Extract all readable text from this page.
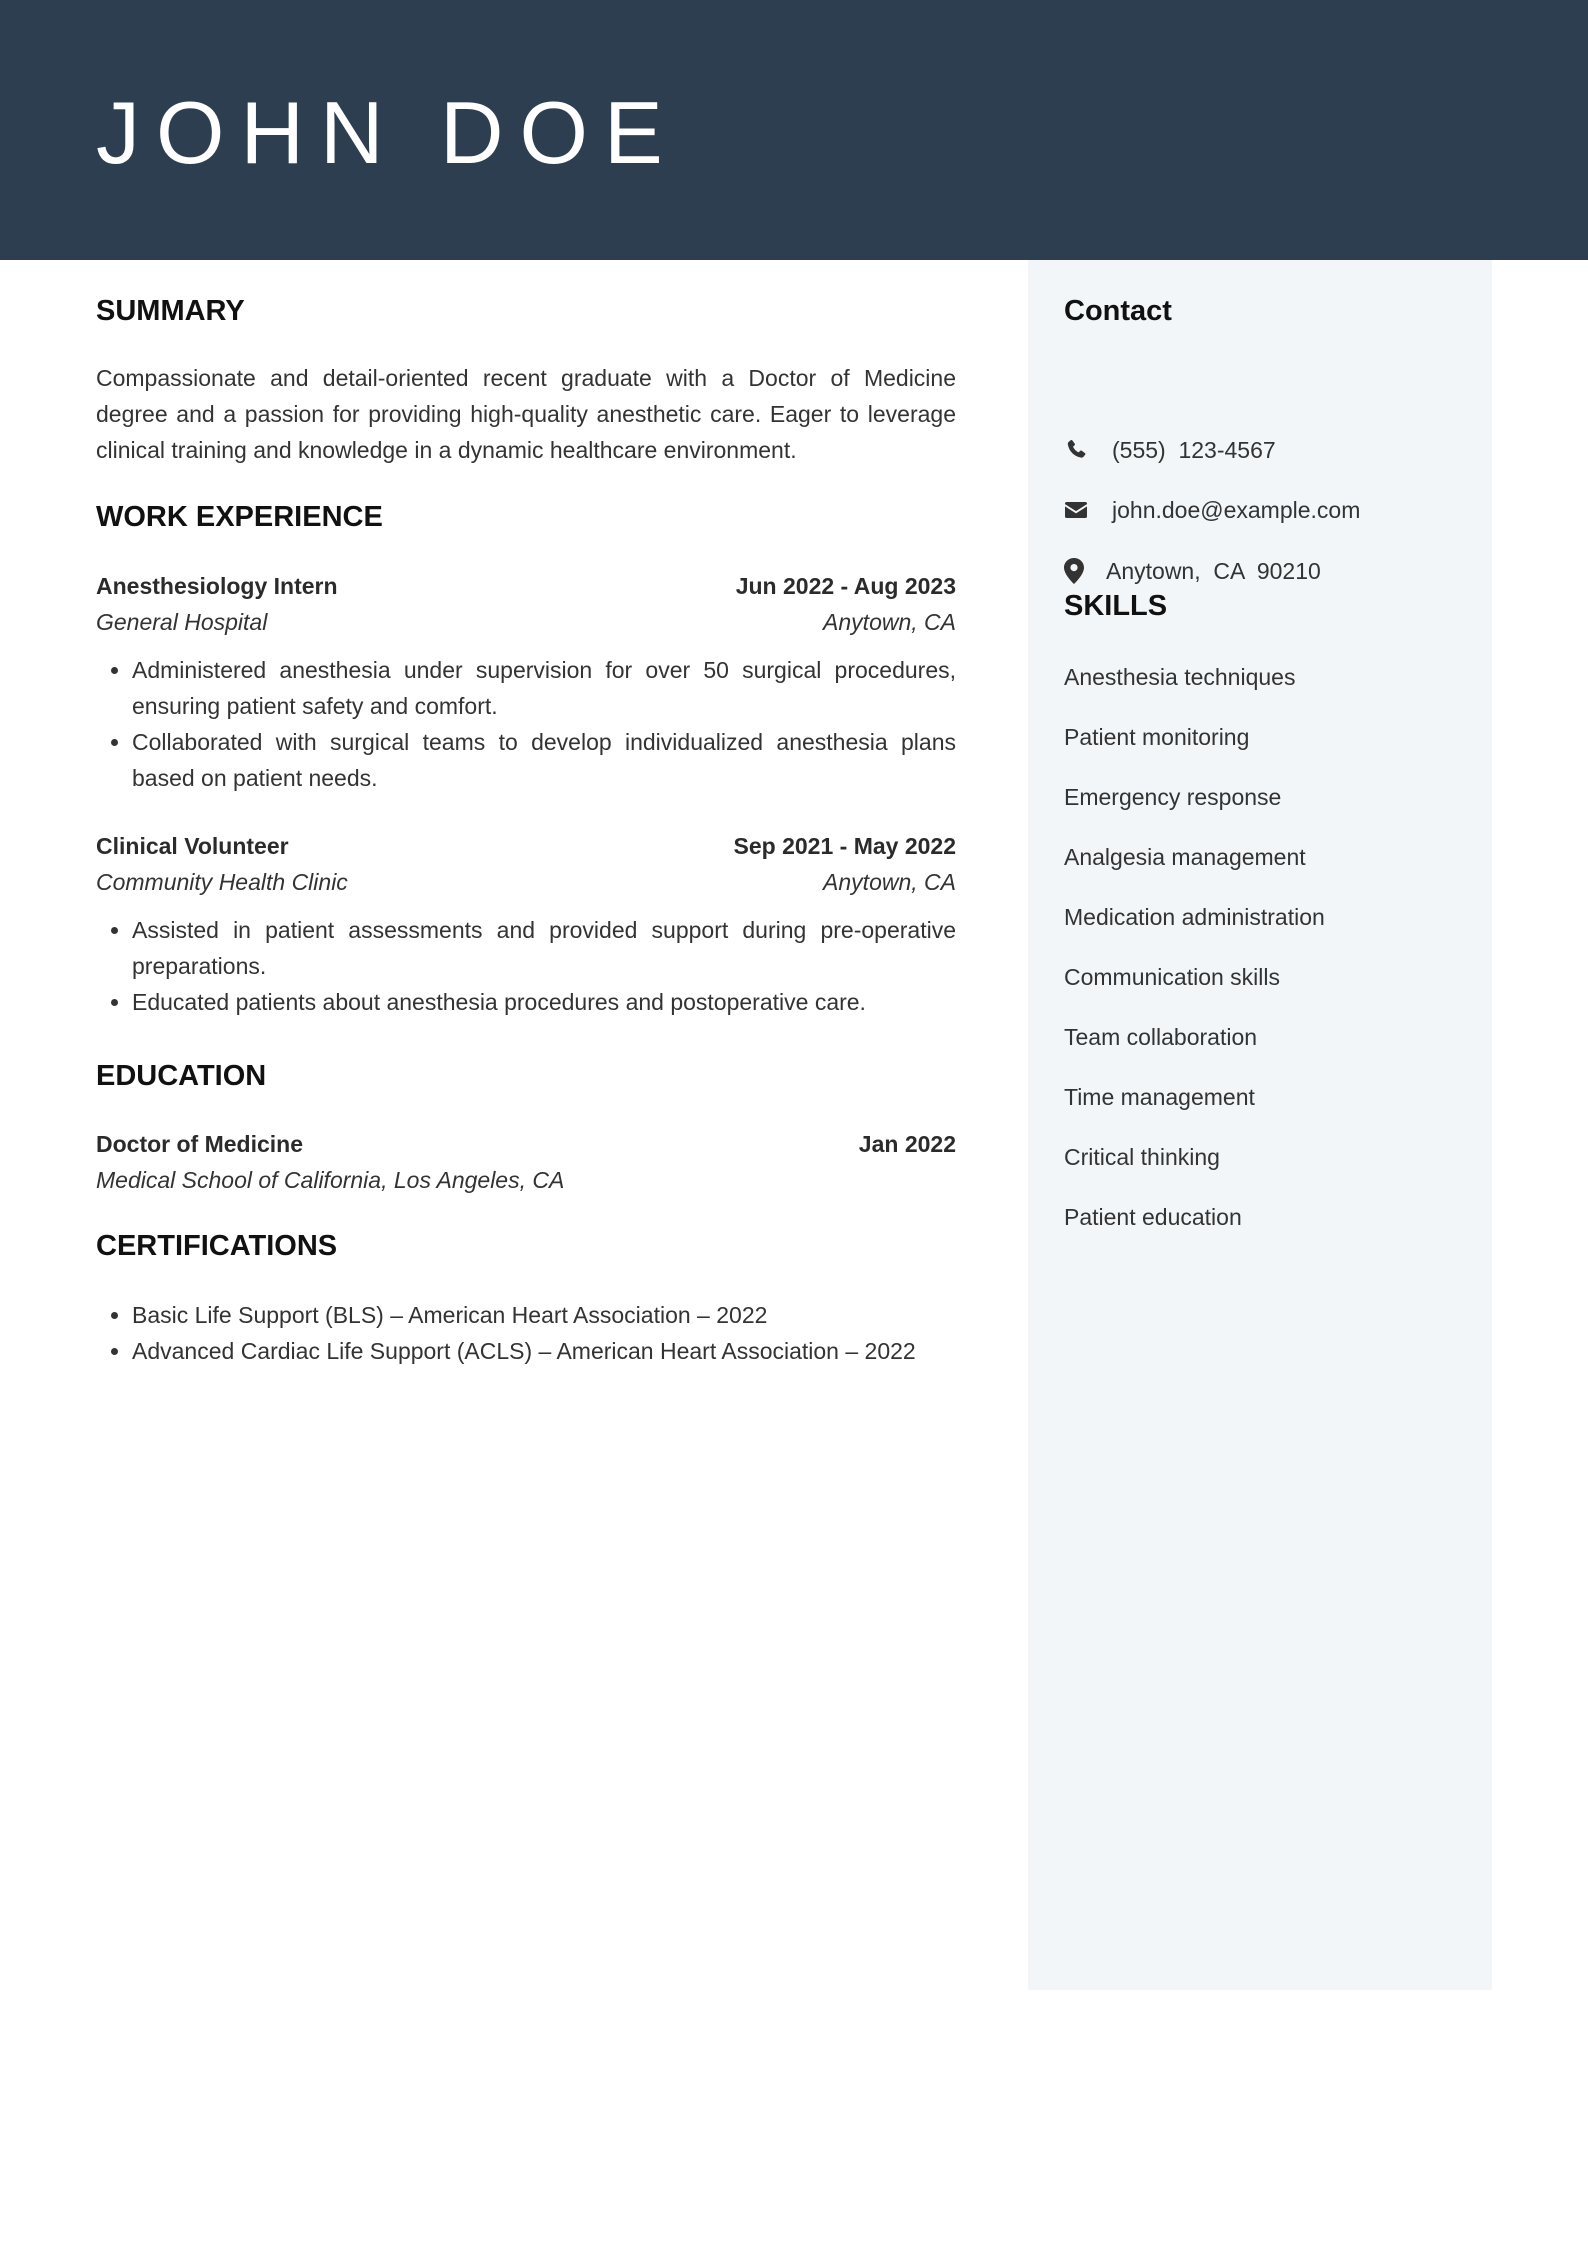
JOHN DOE
SUMMARY

Compassionate and detail-oriented recent graduate with a Doctor of Medicine degree and a passion for providing high-quality anesthetic care. Eager to leverage clinical training and knowledge in a dynamic healthcare environment.

WORK EXPERIENCE
Anesthesiology Intern	Jun 2022 - Aug 2023
General Hospital	Anytown, CA
• Administered anesthesia under supervision for over 50 surgical procedures, ensuring patient safety and comfort.
• Collaborated with surgical teams to develop individualized anesthesia plans based on patient needs.
Clinical Volunteer	Sep 2021 - May 2022
Community Health Clinic	Anytown, CA
• Assisted in patient assessments and provided support during pre-operative preparations.
• Educated patients about anesthesia procedures and postoperative care.
EDUCATION
Doctor of Medicine	Jan 2022
Medical School of California, Los Angeles, CA
CERTIFICATIONS
• Basic Life Support (BLS) – American Heart Association – 2022
• Advanced Cardiac Life Support (ACLS) – American Heart Association – 2022
Contact

(555)  123-4567

john.doe@example.com

Anytown,  CA  90210
SKILLS
Anesthesia techniques
Patient monitoring
Emergency response
Analgesia management
Medication administration
Communication skills
Team collaboration
Time management
Critical thinking
Patient education
